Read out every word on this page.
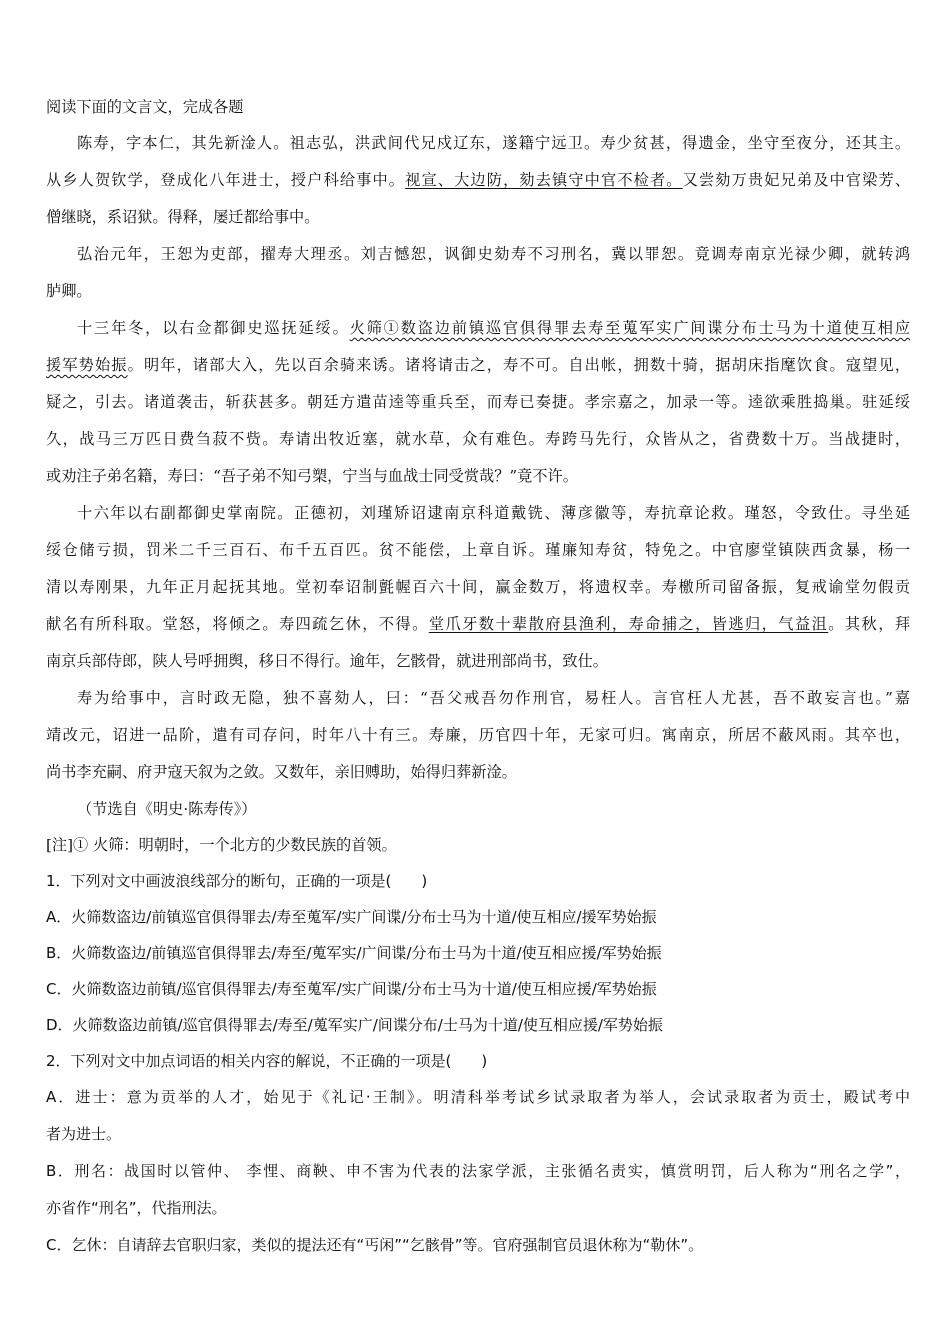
阅读下面的文言文，完成各题
陈寿，字本仁，其先新淦人。祖志弘，洪武间代兄戍辽东，遂籍宁远卫。寿少贫甚，得遗金，坐守至夜分，还其主。
从乡人贺钦学，登成化八年进士，授户科给事中。视宣、大边防，劾去镇守中官不检者。又尝劾万贵妃兄弟及中官梁芳、
僧继晓，系诏狱。得释，屡迁都给事中。
弘治元年，王恕为吏部，擢寿大理丞。刘吉憾恕，讽御史劾寿不习刑名，冀以罪恕。竟调寿南京光禄少卿，就转鸿
胪卿。
十三年冬，以右佥都御史巡抚延绥。火筛①数盗边前镇巡官俱得罪去寿至蒐军实广间谍分布士马为十道使互相应
援军势始振。明年，诸部大入，先以百余骑来诱。诸将请击之，寿不可。自出帐，拥数十骑，据胡床指麾饮食。寇望见，
疑之，引去。诸道袭击，斩获甚多。朝廷方遣苗逵等重兵至，而寿已奏捷。孝宗嘉之，加录一等。逵欲乘胜捣巢。驻延绥
久，战马三万匹日费刍菽不赀。寿请出牧近塞，就水草，众有难色。寿跨马先行，众皆从之，省费数十万。当战捷时，
或劝注子弟名籍，寿曰：“吾子弟不知弓槊，宁当与血战士同受赏哉？”竟不许。
十六年以右副都御史掌南院。正德初，刘瑾矫诏逮南京科道戴铣、薄彦徽等，寿抗章论救。瑾怒，令致仕。寻坐延
绥仓储亏损，罚米二千三百石、布千五百匹。贫不能偿，上章自诉。瑾廉知寿贫，特免之。中官廖堂镇陕西贪暴，杨一
清以寿刚果，九年正月起抚其地。堂初奉诏制氈幄百六十间，赢金数万，将遗权幸。寿檄所司留备振，复戒谕堂勿假贡
献名有所科取。堂怒，将倾之。寿四疏乞休，不得。堂爪牙数十辈散府县渔利，寿命捕之，皆逃归，气益沮。其秋，拜
南京兵部侍郎，陕人号呼拥舆，移日不得行。逾年，乞骸骨，就进刑部尚书，致仕。
寿为给事中，言时政无隐，独不喜劾人，曰：“吾父戒吾勿作刑官，易枉人。言官枉人尤甚，吾不敢妄言也。”嘉
靖改元，诏进一品阶，遣有司存问，时年八十有三。寿廉，历官四十年，无家可归。寓南京，所居不蔽风雨。其卒也，
尚书李充嗣、府尹寇天叙为之敛。又数年，亲旧赙助，始得归葬新淦。
（节选自《明史·陈寿传》）
[注]① 火筛：明朝时，一个北方的少数民族的首领。
1．下列对文中画波浪线部分的断句，正确的一项是(　　)
A．火筛数盗边/前镇巡官俱得罪去/寿至蒐军/实广间谍/分布士马为十道/使互相应/援军势始振
B．火筛数盗边/前镇巡官俱得罪去/寿至/蒐军实/广间谍/分布士马为十道/使互相应援/军势始振
C．火筛数盗边前镇/巡官俱得罪去/寿至蒐军/实广间谍/分布士马为十道/使互相应援/军势始振
D．火筛数盗边前镇/巡官俱得罪去/寿至/蒐军实广/间谍分布/士马为十道/使互相应援/军势始振
2．下列对文中加点词语的相关内容的解说，不正确的一项是(　　)
A．进士：意为贡举的人才，始见于《礼记·王制》。明清科举考试乡试录取者为举人，会试录取者为贡士，殿试考中
者为进士。
B．刑名：战国时以管仲、 李悝、商鞅、申不害为代表的法家学派，主张循名责实，慎赏明罚，后人称为“刑名之学”，
亦省作“刑名”，代指刑法。
C．乞休：自请辞去官职归家，类似的提法还有“丐闲”“乞骸骨”等。官府强制官员退休称为“勒休”。
